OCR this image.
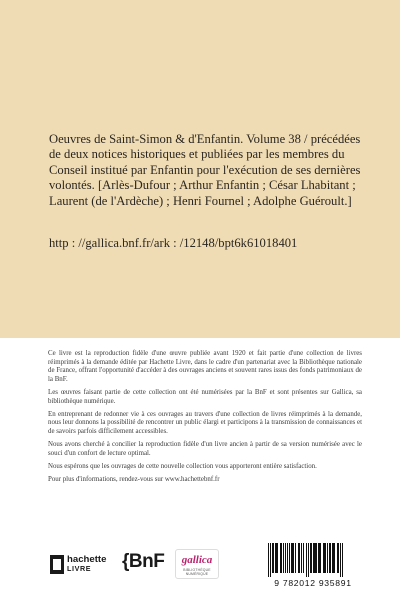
Oeuvres de Saint-Simon & d'Enfantin. Volume 38 / précédées de deux notices historiques et publiées par les membres du Conseil institué par Enfantin pour l'exécution de ses dernières volontés. [Arlès-Dufour ; Arthur Enfantin ; César Lhabitant ; Laurent (de l'Ardèche) ; Henri Fournel ; Adolphe Guéroult.]

http : //gallica.bnf.fr/ark : /12148/bpt6k61018401

Ce livre est la reproduction fidèle d'une œuvre publiée avant 1920 et fait partie d'une collection de livres réimprimés à la demande éditée par Hachette Livre, dans le cadre d'un partenariat avec la Bibliothèque nationale de France, offrant l'opportunité d'accéder à des ouvrages anciens et souvent rares issus des fonds patrimoniaux de la BnF.

Les œuvres faisant partie de cette collection ont été numérisées par la BnF et sont présentes sur Gallica, sa bibliothèque numérique.

En entreprenant de redonner vie à ces ouvrages au travers d'une collection de livres réimprimés à la demande, nous leur donnons la possibilité de rencontrer un public élargi et participons à la transmission de connaissances et de savoirs parfois difficilement accessibles.

Nous avons cherché à concilier la reproduction fidèle d'un livre ancien à partir de sa version numérisée avec le souci d'un confort de lecture optimal.

Nous espérons que les ouvrages de cette nouvelle collection vous apporteront entière satisfaction.

Pour plus d'informations, rendez-vous sur www.hachettebnf.fr

hachette
LIVRE	{BnF	gallica
BIBLIOTHÈQUE NUMÉRIQUE
9 782012 935891
